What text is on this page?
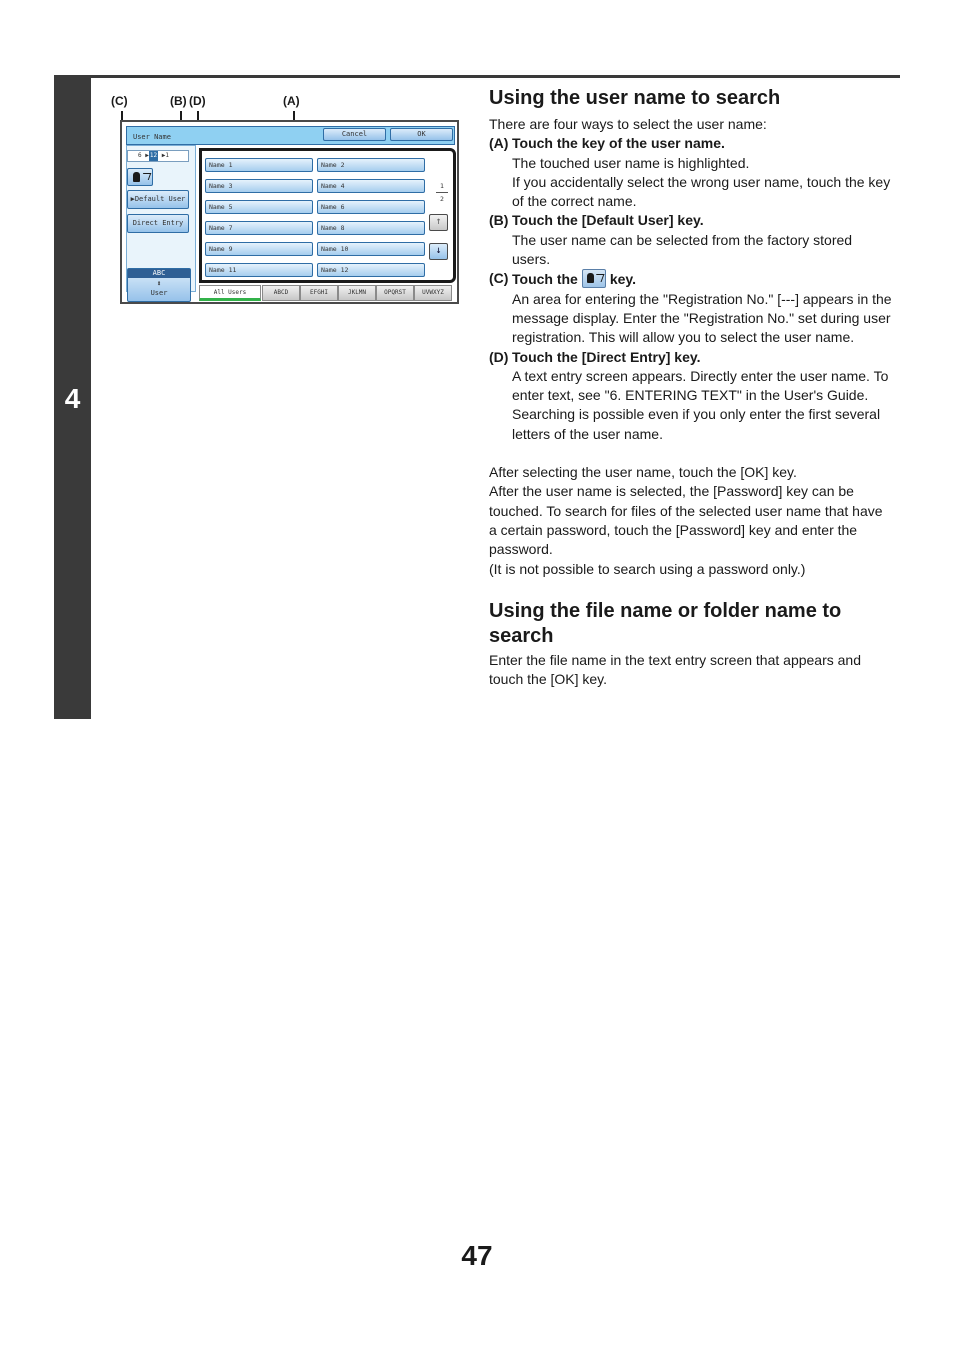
4
(C)	(B) (D)	(A)
User Name	Cancel	OK
6 ▶12 ▶1
▶Default User
Direct Entry
ABC
⬍
User
Name 1	Name 2
Name 3	Name 4
Name 5	Name 6
Name 7	Name 8
Name 9	Name 10
Name 11	Name 12
1
2
↑
↓
All Users	ABCD	EFGHI	JKLMN	OPQRST	UVWXYZ
Using the user name to search

There are four ways to select the user name:

(A) Touch the key of the user name.

The touched user name is highlighted.

If you accidentally select the wrong user name, touch the key of the correct name.

(B) Touch the [Default User] key.

The user name can be selected from the factory stored users.

(C) Touch the key.

An area for entering the "Registration No." [---] appears in the message display. Enter the "Registration No." set during user registration. This will allow you to select the user name.

(D) Touch the [Direct Entry] key.

A text entry screen appears. Directly enter the user name. To enter text, see "6. ENTERING TEXT" in the User's Guide. Searching is possible even if you only enter the first several letters of the user name.

After selecting the user name, touch the [OK] key.

After the user name is selected, the [Password] key can be touched. To search for files of the selected user name that have a certain password, touch the [Password] key and enter the password.

(It is not possible to search using a password only.)

Using the file name or folder name to search

Enter the file name in the text entry screen that appears and touch the [OK] key.

47
